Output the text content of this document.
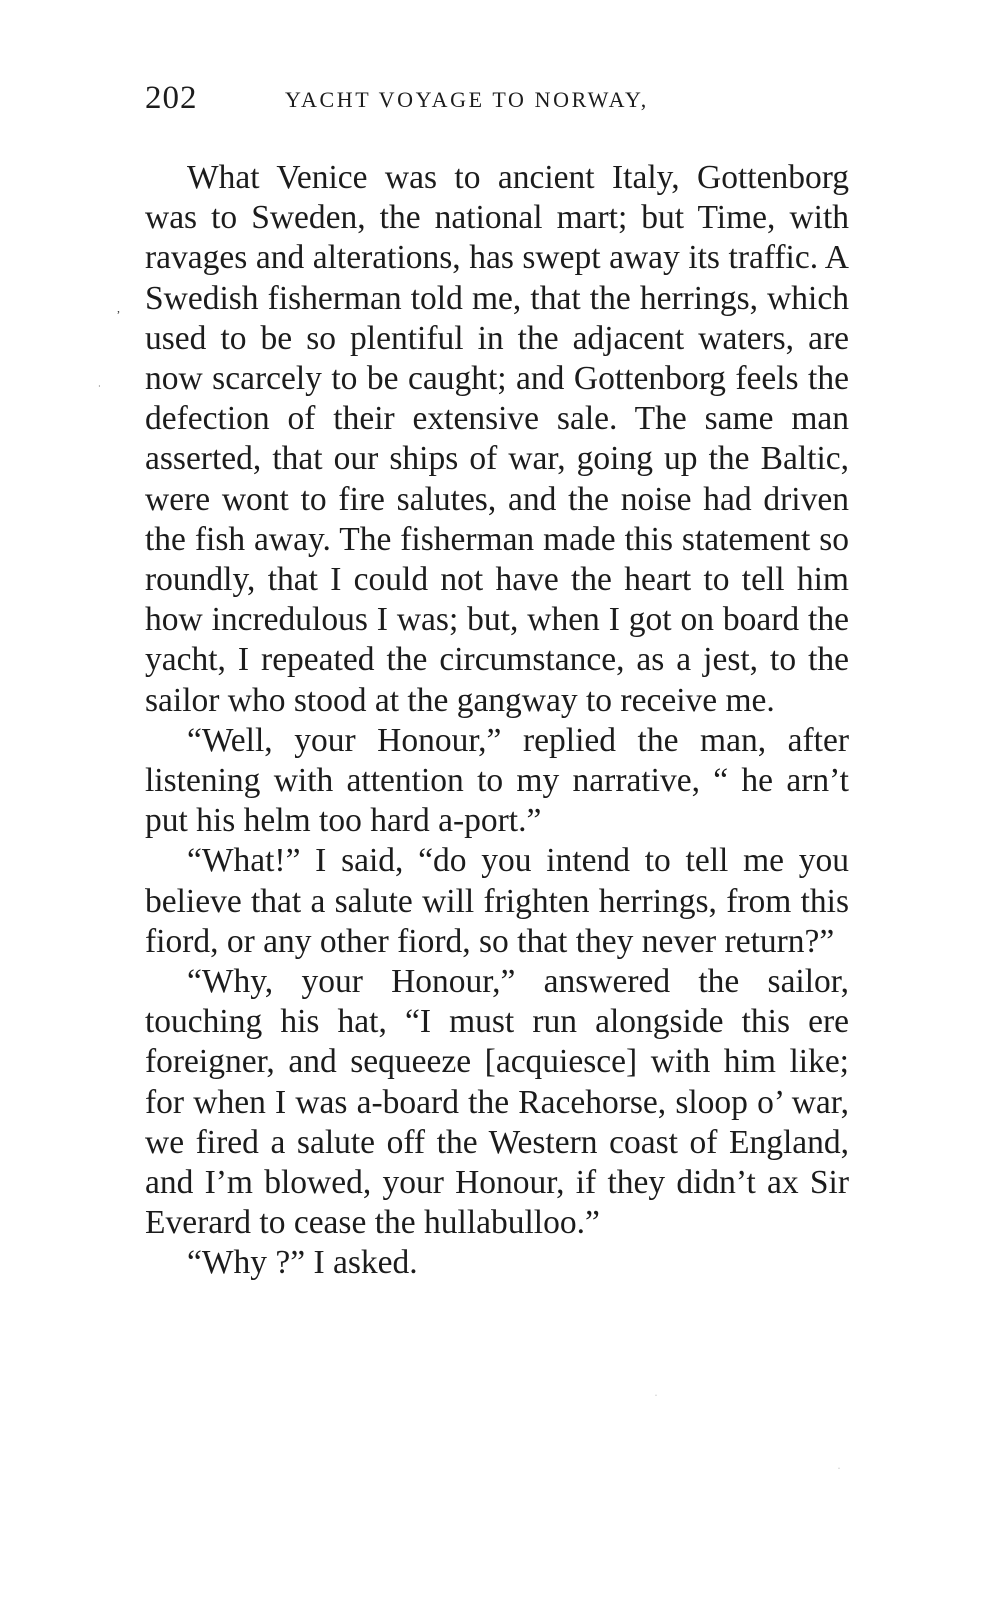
202	YACHT VOYAGE TO NORWAY,

What Venice was to ancient Italy, Gottenborg was to Sweden, the national mart; but Time, with ravages and alterations, has swept away its traffic. A Swedish fisherman told me, that the herrings, which used to be so plentiful in the adjacent waters, are now scarcely to be caught; and Gottenborg feels the defection of their extensive sale. The same man asserted, that our ships of war, going up the Baltic, were wont to fire salutes, and the noise had driven the fish away. The fisherman made this statement so roundly, that I could not have the heart to tell him how incredulous I was; but, when I got on board the yacht, I repeated the circumstance, as a jest, to the sailor who stood at the gangway to receive me.

“Well, your Honour,” replied the man, after listening with attention to my narrative, “ he arn’t put his helm too hard a-port.”

“What!” I said, “do you intend to tell me you believe that a salute will frighten herrings, from this fiord, or any other fiord, so that they never return?”

“Why, your Honour,” answered the sailor, touching his hat, “I must run alongside this ere foreigner, and sequeeze [acquiesce] with him like; for when I was a-board the Racehorse, sloop o’ war, we fired a salute off the Western coast of England, and I’m blowed, your Honour, if they didn’t ax Sir Everard to cease the hullabulloo.”

“Why ?” I asked.

,
·
·
·
